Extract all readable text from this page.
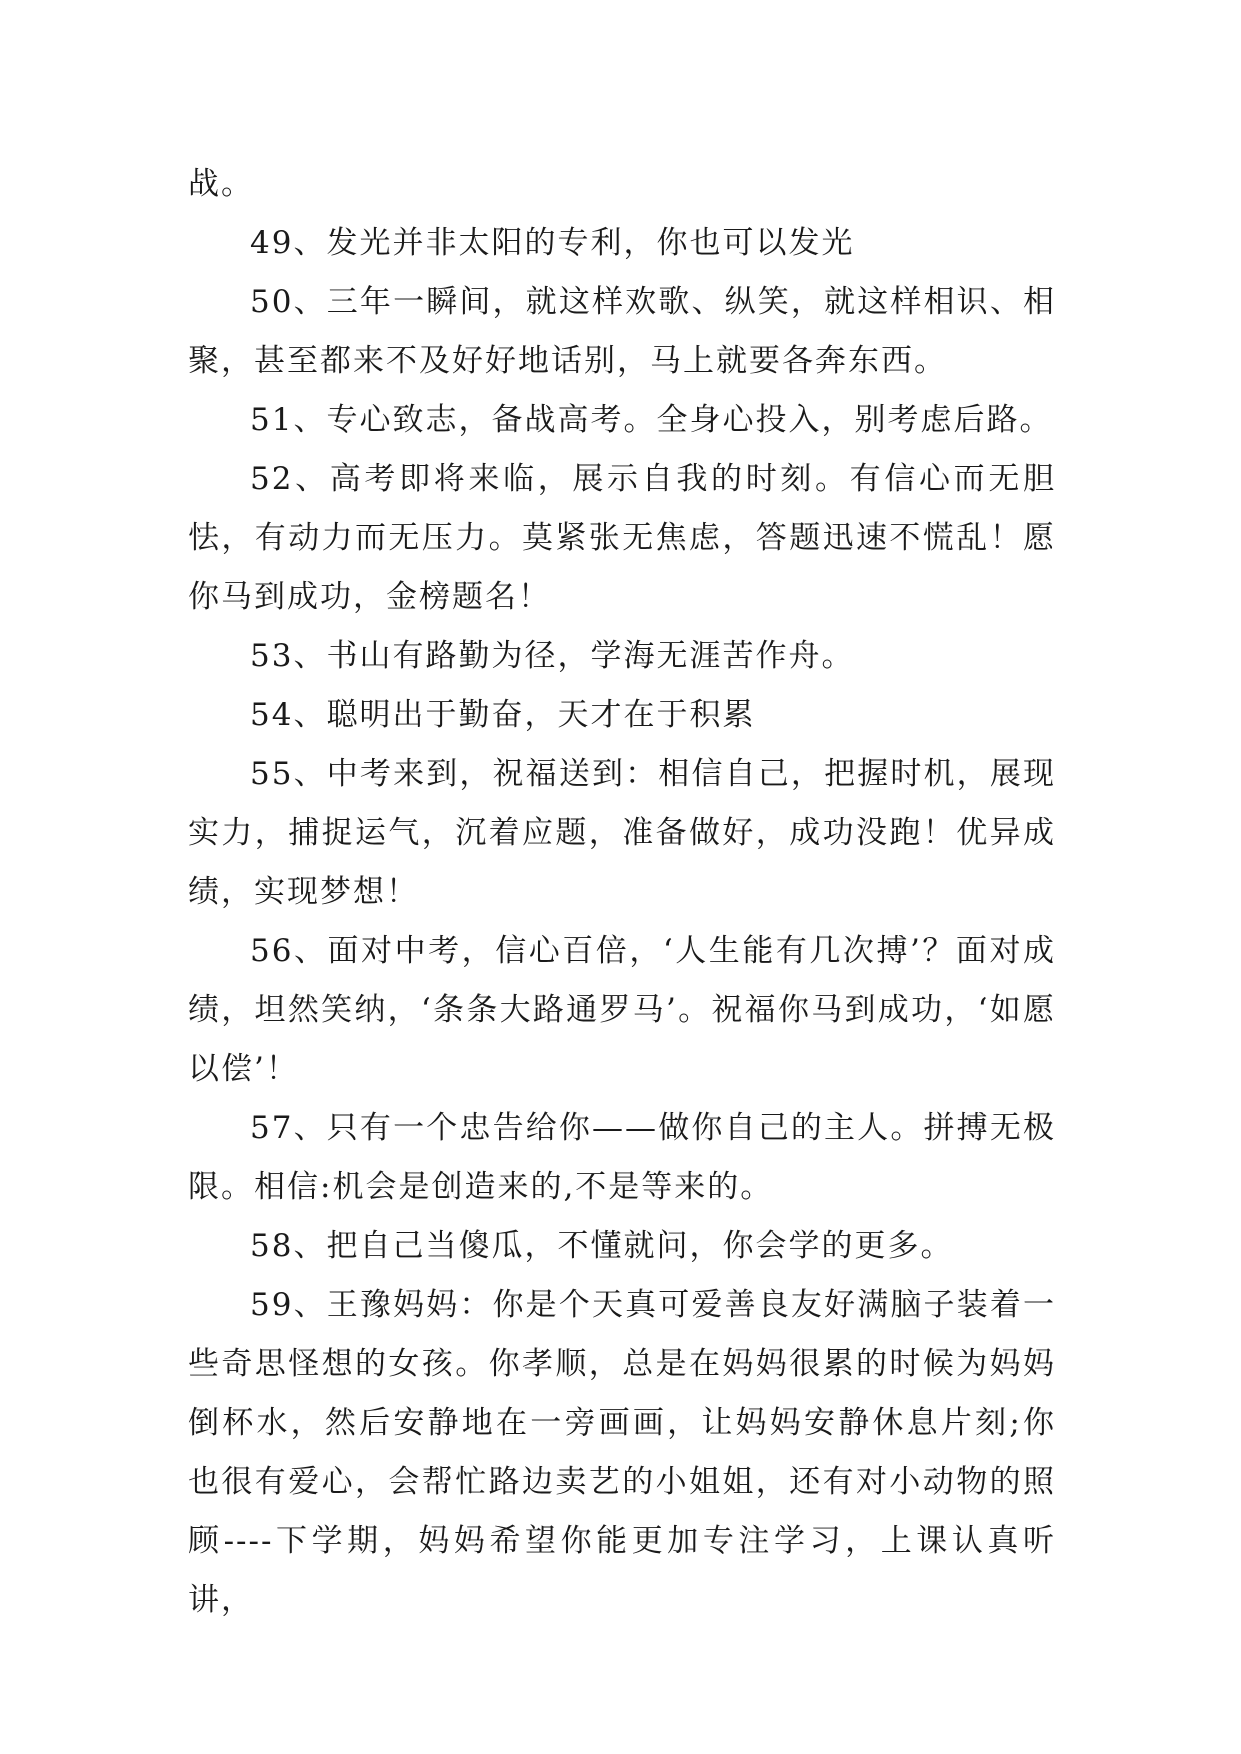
战。

49、发光并非太阳的专利，你也可以发光

50、三年一瞬间，就这样欢歌、纵笑，就这样相识、相聚，甚至都来不及好好地话别，马上就要各奔东西。

51、专心致志，备战高考。全身心投入，别考虑后路。

52、高考即将来临，展示自我的时刻。有信心而无胆怯，有动力而无压力。莫紧张无焦虑，答题迅速不慌乱！愿你马到成功，金榜题名！

53、书山有路勤为径，学海无涯苦作舟。

54、聪明出于勤奋，天才在于积累

55、中考来到，祝福送到：相信自己，把握时机，展现实力，捕捉运气，沉着应题，准备做好，成功没跑！优异成绩，实现梦想！

56、面对中考，信心百倍，‘人生能有几次搏’？面对成绩，坦然笑纳，‘条条大路通罗马’。祝福你马到成功，‘如愿以偿’！

57、只有一个忠告给你——做你自己的主人。拼搏无极限。相信:机会是创造来的,不是等来的。

58、把自己当傻瓜，不懂就问，你会学的更多。

59、王豫妈妈：你是个天真可爱善良友好满脑子装着一些奇思怪想的女孩。你孝顺，总是在妈妈很累的时候为妈妈倒杯水，然后安静地在一旁画画，让妈妈安静休息片刻;你也很有爱心，会帮忙路边卖艺的小姐姐，还有对小动物的照顾----下学期，妈妈希望你能更加专注学习，上课认真听讲，
